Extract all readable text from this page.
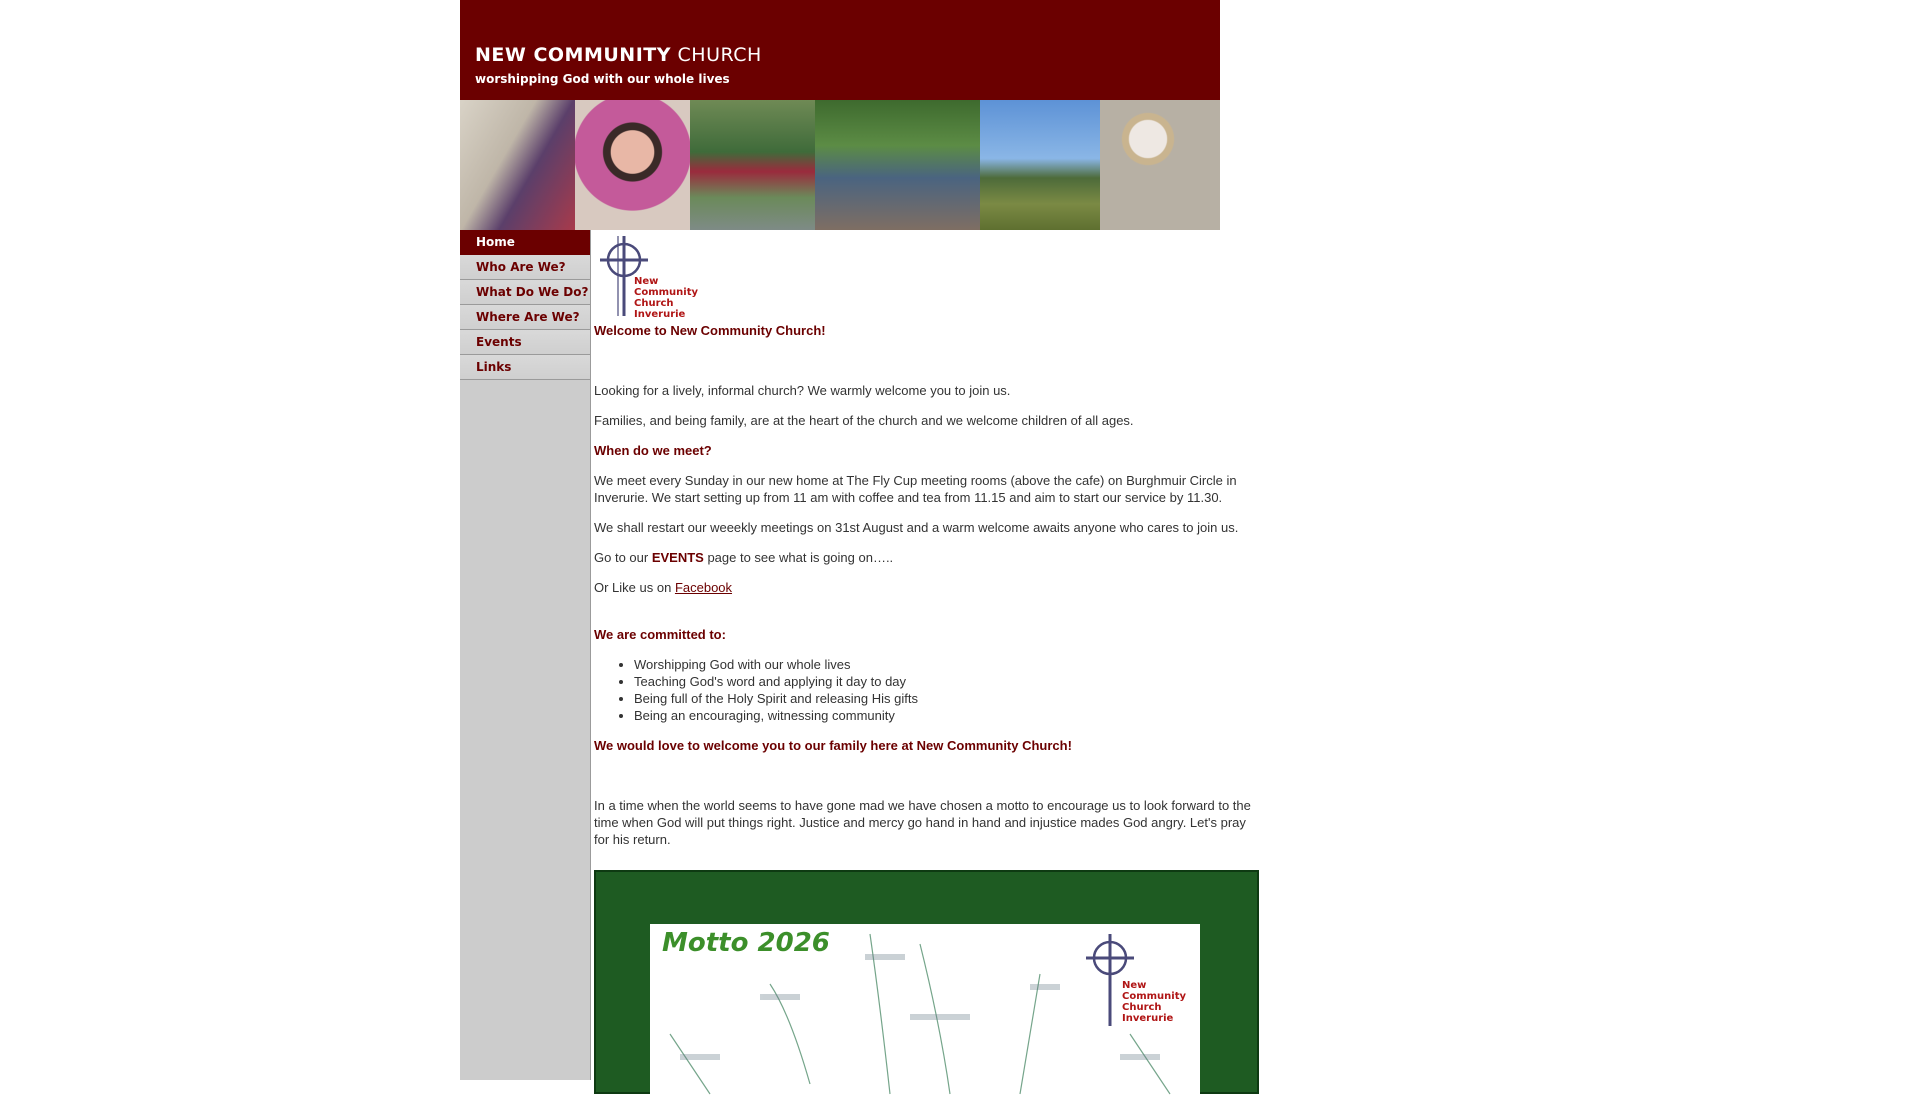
NEW COMMUNITY CHURCH
worshipping God with our whole lives
Home
Who Are We?
What Do We Do?
Where Are We?
Events
Links
New
Community
Church
Inverurie

Welcome to New Community Church!

Looking for a lively, informal church? We warmly welcome you to join us.

Families, and being family, are at the heart of the church and we welcome children of all ages.

When do we meet?

We meet every Sunday in our new home at The Fly Cup meeting rooms (above the cafe) on Burghmuir Circle in Inverurie. We start setting up from 11 am with coffee and tea from 11.15 and aim to start our service by 11.30.

We shall restart our weeekly meetings on 31st August and a warm welcome awaits anyone who cares to join us.

Go to our EVENTS page to see what is going on…..

Or Like us on Facebook

We are committed to:

• Worshipping God with our whole lives
• Teaching God's word and applying it day to day
• Being full of the Holy Spirit and releasing His gifts
• Being an encouraging, witnessing community

We would love to welcome you to our family here at New Community Church!

In a time when the world seems to have gone mad we have chosen a motto to encourage us to look forward to the time when God will put things right. Justice and mercy go hand in hand and injustice mades God angry. Let's pray for his return.

Motto 2026
New
Community
Church
Inverurie
